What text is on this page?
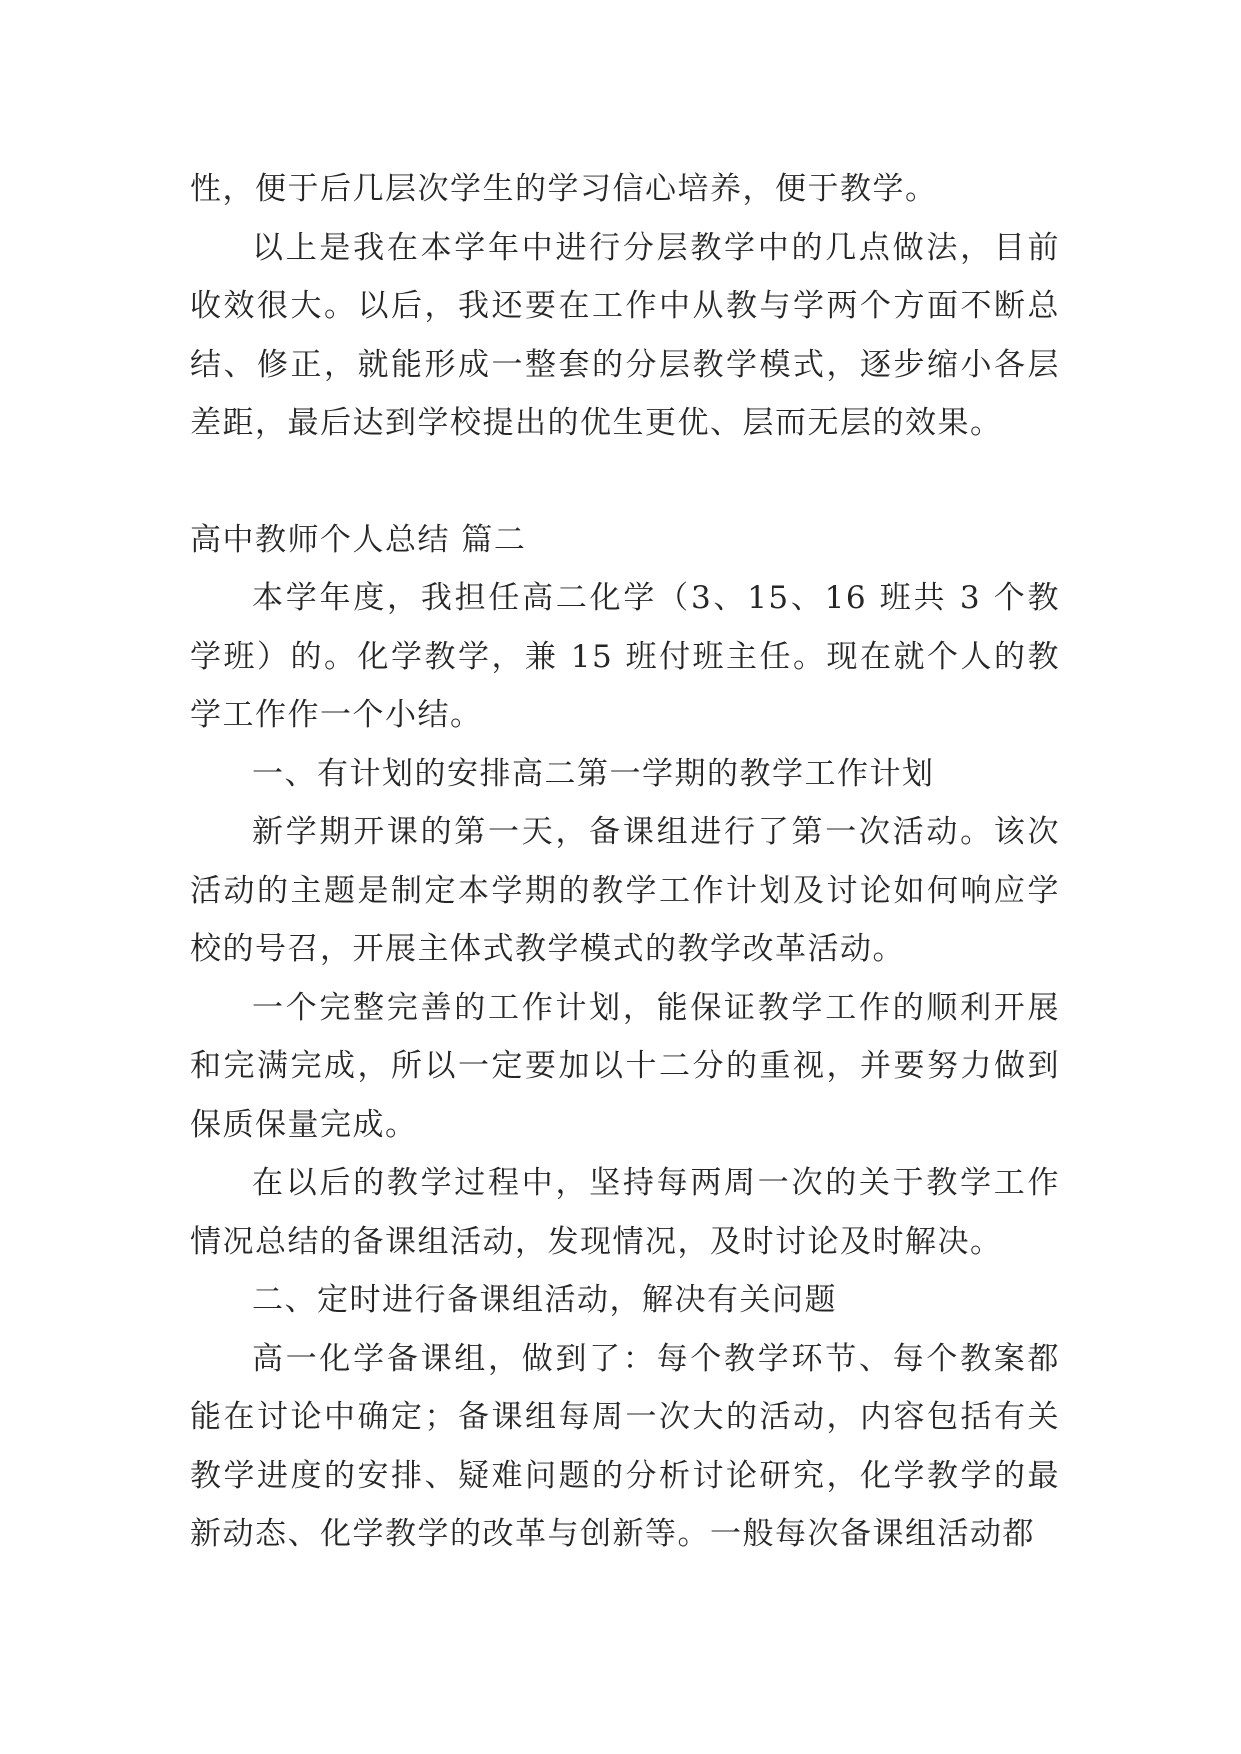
性，便于后几层次学生的学习信心培养，便于教学。

以上是我在本学年中进行分层教学中的几点做法，目前收效很大。以后，我还要在工作中从教与学两个方面不断总结、修正，就能形成一整套的分层教学模式，逐步缩小各层差距，最后达到学校提出的优生更优、层而无层的效果。

高中教师个人总结 篇二

本学年度，我担任高二化学（3、15、16 班共 3 个教学班）的。化学教学，兼 15 班付班主任。现在就个人的教学工作作一个小结。

一、有计划的安排高二第一学期的教学工作计划

新学期开课的第一天，备课组进行了第一次活动。该次活动的主题是制定本学期的教学工作计划及讨论如何响应学校的号召，开展主体式教学模式的教学改革活动。

一个完整完善的工作计划，能保证教学工作的顺利开展和完满完成，所以一定要加以十二分的重视，并要努力做到保质保量完成。

在以后的教学过程中，坚持每两周一次的关于教学工作情况总结的备课组活动，发现情况，及时讨论及时解决。

二、定时进行备课组活动，解决有关问题

高一化学备课组，做到了：每个教学环节、每个教案都能在讨论中确定；备课组每周一次大的活动，内容包括有关教学进度的安排、疑难问题的分析讨论研究，化学教学的最新动态、化学教学的改革与创新等。一般每次备课组活动都
